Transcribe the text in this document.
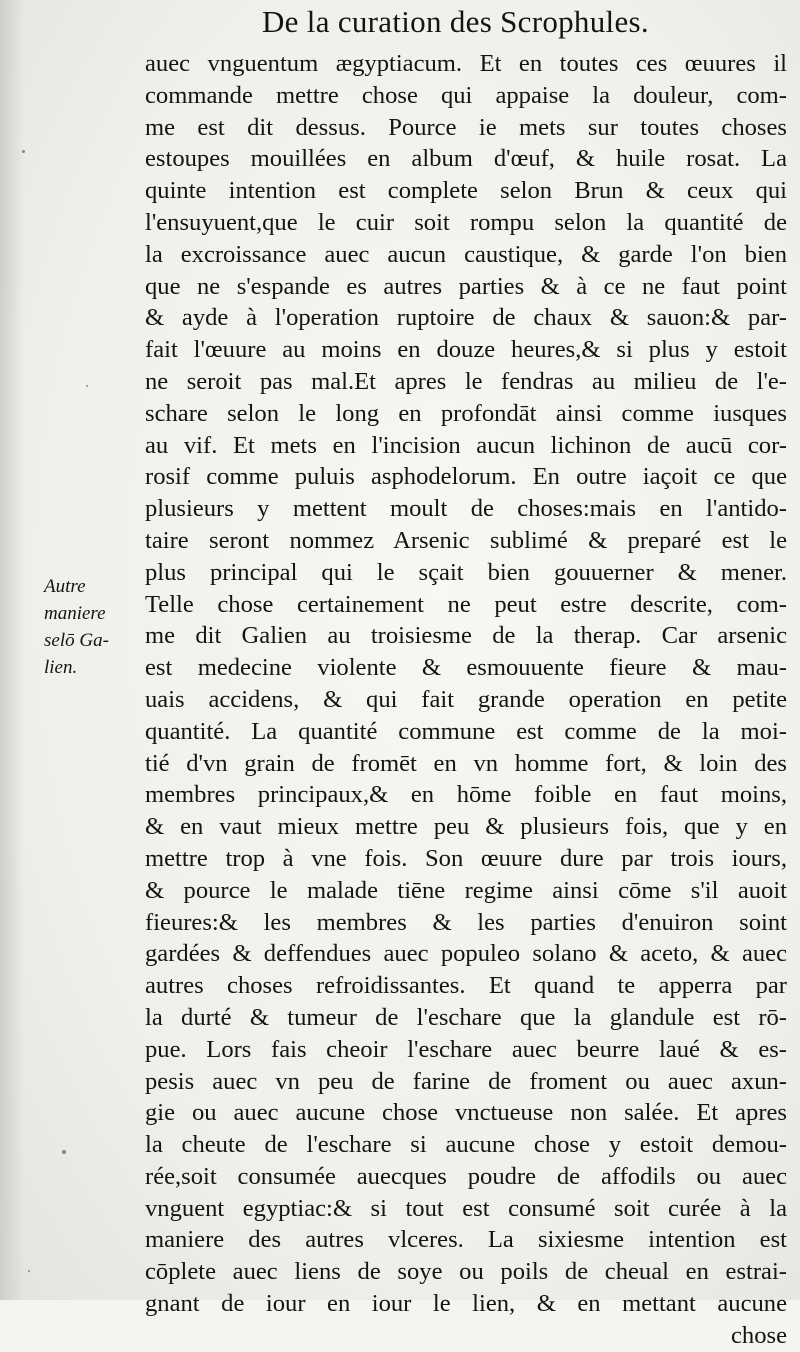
De la curation des Scrophules.
Autre
maniere
selō Ga-
lien.
auec vnguentum ægyptiacum. Et en toutes ces œuures il
commande mettre chose qui appaise la douleur, com-
me est dit dessus. Pource ie mets sur toutes choses
estoupes mouillées en album d'œuf, & huile rosat. La
quinte intention est complete selon Brun & ceux qui
l'ensuyuent,que le cuir soit rompu selon la quantité de
la excroissance auec aucun caustique, & garde l'on bien
que ne s'espande es autres parties & à ce ne faut point
& ayde à l'operation ruptoire de chaux & sauon:& par-
fait l'œuure au moins en douze heures,& si plus y estoit
ne seroit pas mal.Et apres le fendras au milieu de l'e-
schare selon le long en profondāt ainsi comme iusques
au vif. Et mets en l'incision aucun lichinon de aucū cor-
rosif comme puluis asphodelorum. En outre iaçoit ce que
plusieurs y mettent moult de choses:mais en l'antido-
taire seront nommez Arsenic sublimé & preparé est le
plus principal qui le sçait bien gouuerner & mener.
Telle chose certainement ne peut estre descrite, com-
me dit Galien au troisiesme de la therap. Car arsenic
est medecine violente & esmouuente fieure & mau-
uais accidens, & qui fait grande operation en petite
quantité. La quantité commune est comme de la moi-
tié d'vn grain de fromēt en vn homme fort, & loin des
membres principaux,& en hōme foible en faut moins,
& en vaut mieux mettre peu & plusieurs fois, que y en
mettre trop à vne fois. Son œuure dure par trois iours,
& pource le malade tiēne regime ainsi cōme s'il auoit
fieures:& les membres & les parties d'enuiron soint
gardées & deffendues auec populeo solano & aceto, & auec
autres choses refroidissantes. Et quand te apperra par
la durté & tumeur de l'eschare que la glandule est rō-
pue. Lors fais cheoir l'eschare auec beurre laué & es-
pesis auec vn peu de farine de froment ou auec axun-
gie ou auec aucune chose vnctueuse non salée. Et apres
la cheute de l'eschare si aucune chose y estoit demou-
rée,soit consumée auecques poudre de affodils ou auec
vnguent egyptiac:& si tout est consumé soit curée à la
maniere des autres vlceres. La sixiesme intention est
cōplete auec liens de soye ou poils de cheual en estrai-
gnant de iour en iour le lien, & en mettant aucune
chose
